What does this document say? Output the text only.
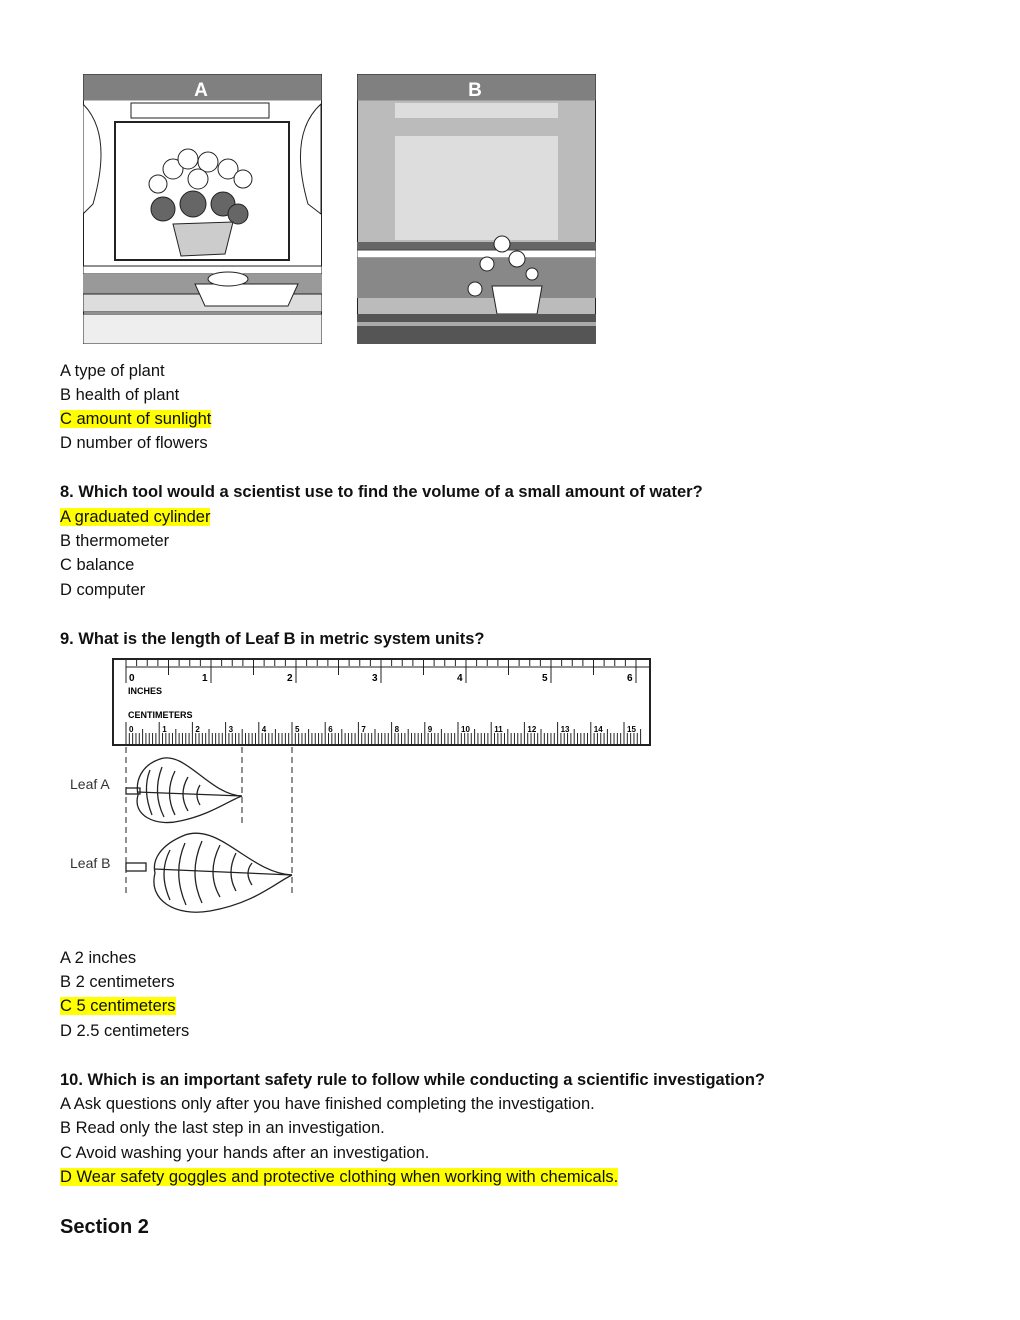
A	B
A type of plant
B health of plant
C amount of sunlight
D number of flowers
8. Which tool would a scientist use to find the volume of a small amount of water?
A graduated cylinder
B thermometer
C balance
D computer
9. What is the length of Leaf B in metric system units?
INCHES
CENTIMETERS
0	1	2	3	4	5	6
0	1	2	3	4	5	6	7	8	9	10	11	12	13	14	15
Leaf A
Leaf B
A 2 inches
B 2 centimeters
C 5 centimeters
D 2.5 centimeters
10. Which is an important safety rule to follow while conducting a scientific investigation?
A Ask questions only after you have finished completing the investigation.
B Read only the last step in an investigation.
C Avoid washing your hands after an investigation.
D Wear safety goggles and protective clothing when working with chemicals.
Section 2
